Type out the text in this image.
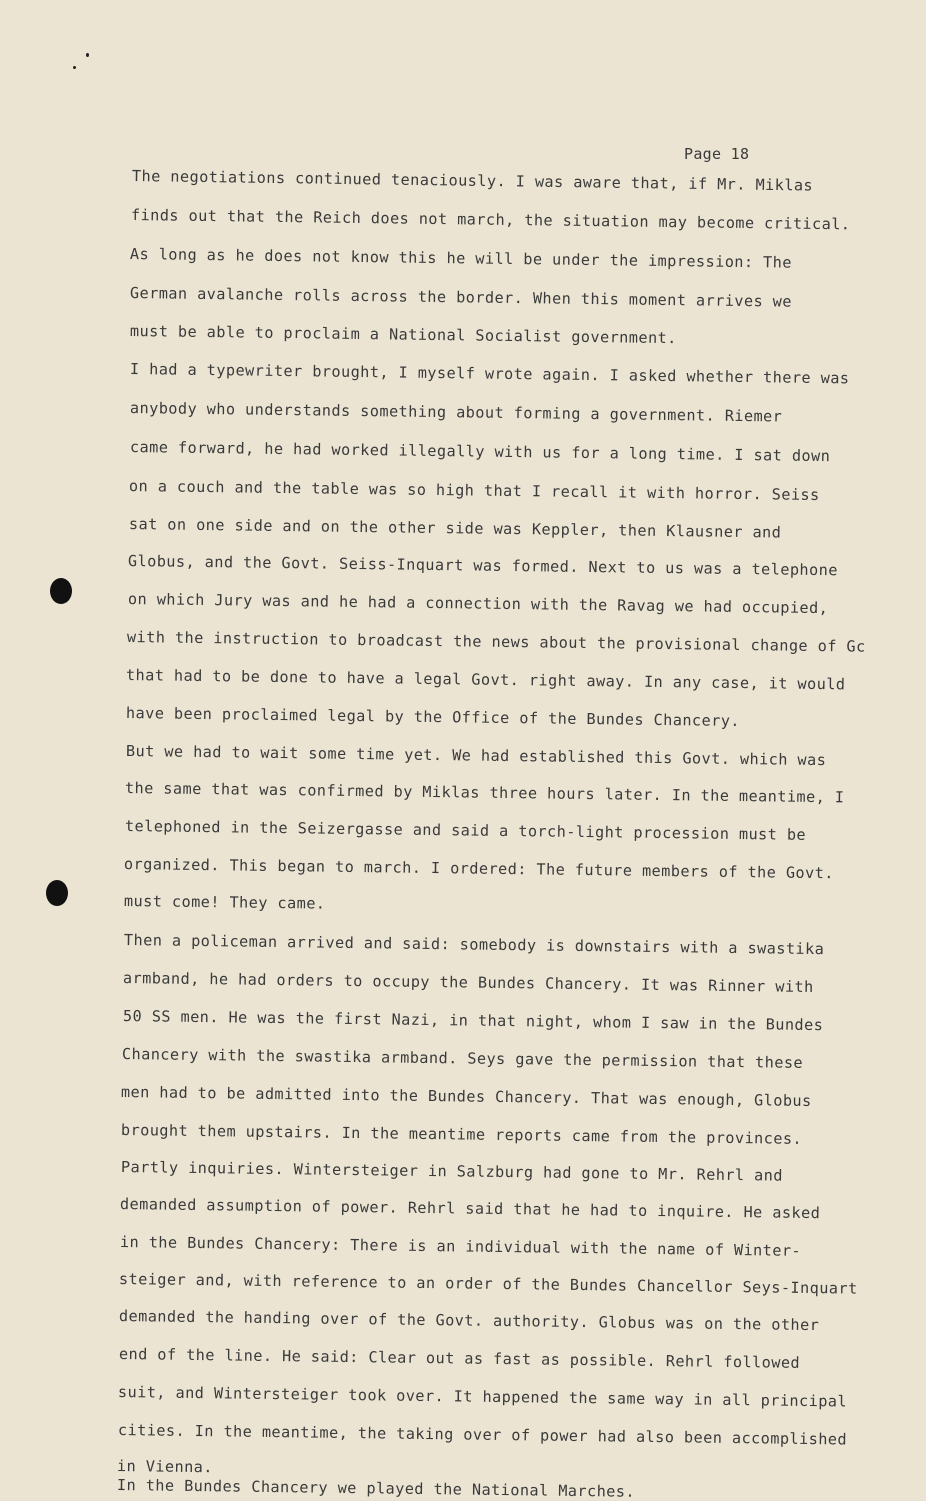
Page 18
The negotiations continued tenaciously. I was aware that, if Mr. Miklas
finds out that the Reich does not march, the situation may become critical.
As long as he does not know this he will be under the impression: The
German avalanche rolls across the border. When this moment arrives we
must be able to proclaim a National Socialist government.
I had a typewriter brought, I myself wrote again. I asked whether there was
anybody who understands something about forming a government. Riemer
came forward, he had worked illegally with us for a long time. I sat down
on a couch and the table was so high that I recall it with horror. Seiss
sat on one side and on the other side was Keppler, then Klausner and
Globus, and the Govt. Seiss-Inquart was formed. Next to us was a telephone
on which Jury was and he had a connection with the Ravag we had occupied,
with the instruction to broadcast the news about the provisional change of Gc
that had to be done to have a legal Govt. right away. In any case, it would
have been proclaimed legal by the Office of the Bundes Chancery.
But we had to wait some time yet. We had established this Govt. which was
the same that was confirmed by Miklas three hours later. In the meantime, I
telephoned in the Seizergasse and said a torch-light procession must be
organized. This began to march. I ordered: The future members of the Govt.
must come! They came.
Then a policeman arrived and said: somebody is downstairs with a swastika
armband, he had orders to occupy the Bundes Chancery. It was Rinner with
50 SS men. He was the first Nazi, in that night, whom I saw in the Bundes
Chancery with the swastika armband. Seys gave the permission that these
men had to be admitted into the Bundes Chancery. That was enough, Globus
brought them upstairs. In the meantime reports came from the provinces.
Partly inquiries. Wintersteiger in Salzburg had gone to Mr. Rehrl and
demanded assumption of power. Rehrl said that he had to inquire. He asked
in the Bundes Chancery: There is an individual with the name of Winter-
steiger and, with reference to an order of the Bundes Chancellor Seys-Inquart
demanded the handing over of the Govt. authority. Globus was on the other
end of the line. He said: Clear out as fast as possible. Rehrl followed
suit, and Wintersteiger took over. It happened the same way in all principal
cities. In the meantime, the taking over of power had also been accomplished
in Vienna.
In the Bundes Chancery we played the National Marches.
